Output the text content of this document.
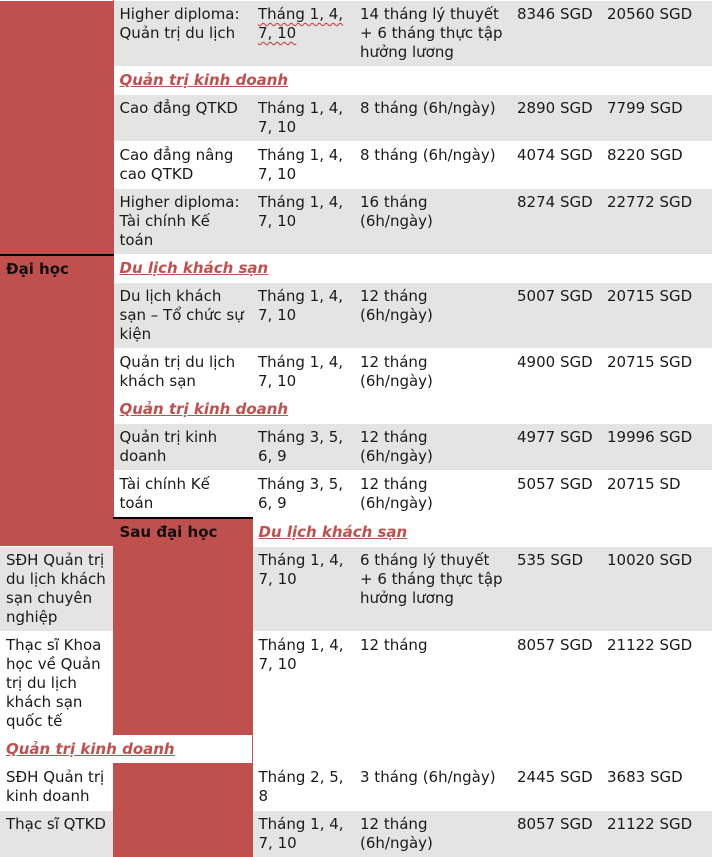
	Higher diploma: Quản trị du lịch	Tháng 1, 4, 7, 10	14 tháng lý thuyết + 6 tháng thực tập hưởng lương	8346 SGD	20560 SGD
	Quản trị kinh doanh				
	Cao đẳng QTKD	Tháng 1, 4, 7, 10	8 tháng (6h/ngày)	2890 SGD	7799 SGD
	Cao đẳng nâng cao QTKD	Tháng 1, 4, 7, 10	8 tháng (6h/ngày)	4074 SGD	8220 SGD
	Higher diploma: Tài chính Kế toán	Tháng 1, 4, 7, 10	16 tháng (6h/ngày)	8274 SGD	22772 SGD
Đại học	Du lịch khách sạn				
	Du lịch khách sạn – Tổ chức sự kiện	Tháng 1, 4, 7, 10	12 tháng (6h/ngày)	5007 SGD	20715 SGD
	Quản trị du lịch khách sạn	Tháng 1, 4, 7, 10	12 tháng (6h/ngày)	4900 SGD	20715 SGD
	Quản trị kinh doanh				
	Quản trị kinh doanh	Tháng 3, 5, 6, 9	12 tháng (6h/ngày)	4977 SGD	19996 SGD
	Tài chính Kế toán	Tháng 3, 5, 6, 9	12 tháng (6h/ngày)	5057 SGD	20715 SD
	Sau đại học	Du lịch khách sạn			
SĐH Quản trị du lịch khách sạn chuyên nghiệp		Tháng 1, 4, 7, 10	6 tháng lý thuyết + 6 tháng thực tập hưởng lương	535 SGD	10020 SGD
Thạc sĩ Khoa học về Quản trị du lịch khách sạn quốc tế		Tháng 1, 4, 7, 10	12 tháng	8057 SGD	21122 SGD
Quản trị kinh doanh					
SĐH Quản trị kinh doanh		Tháng 2, 5, 8	3 tháng (6h/ngày)	2445 SGD	3683 SGD
Thạc sĩ QTKD		Tháng 1, 4, 7, 10	12 tháng (6h/ngày)	8057 SGD	21122 SGD
